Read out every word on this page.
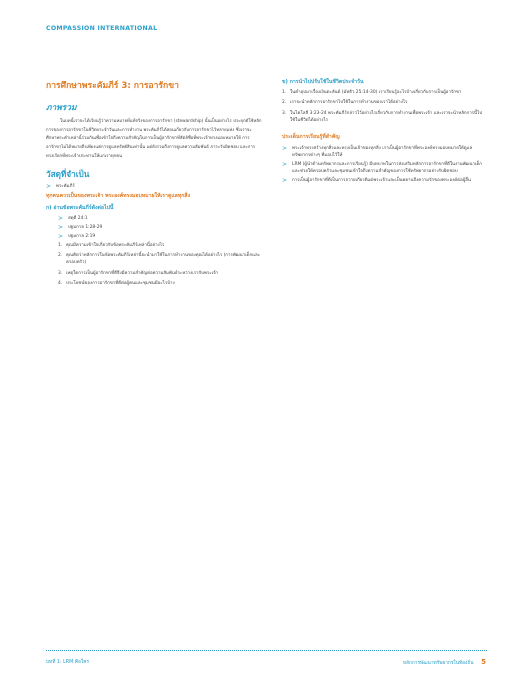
COMPASSION INTERNATIONAL
การศึกษาพระคัมภีร์ 3: การอารักขา
ภาพรวม

ในบทนี้เราจะได้เรียนรู้ว่าความหมายที่แท้จริงของการอารักขา (stewardship) นั้นเป็นอย่างไร ประยุกต์ใช้หลักการของการอารักขาในชีวิตประจำวันและการทำงาน พระคัมภีร์ได้สอนเกี่ยวกับการอารักขาไว้หลายแห่ง ซึ่งเราจะศึกษาพระคำเหล่านี้ร่วมกันเพื่อเข้าใจถึงความสำคัญในการเป็นผู้อารักขาที่สัตย์ซื่อที่พระเจ้าทรงมอบหมายให้ การอารักขาไม่ได้หมายถึงเพียงแค่การดูแลทรัพย์สินเท่านั้น แต่ยังรวมถึงการดูแลความสัมพันธ์ ภาระรับผิดชอบ และการทรงเรียกที่พระเจ้าประทานให้แก่เราทุกคน

วัสดุที่จำเป็น
>	พระคัมภีร์
ทุกคนควรเป็นของพระเจ้า พระองค์ทรงมอบหมายให้เราดูแลทุกสิ่ง
ก) อ่านข้อพระคัมภีร์ดังต่อไปนี้
>	สดุดี 24:1
>	ปฐมกาล 1:28-29
>	ปฐมกาล 2:19
1. คุณมีความเข้าใจเกี่ยวกับข้อพระคัมภีร์เหล่านี้อย่างไร
2. คุณคิดว่าหลักการในข้อพระคัมภีร์เหล่านี้จะนำมาใช้ในการทำงานของคุณได้อย่างไร (การพัฒนาเด็กและครอบครัว)
3. เหตุใดการเป็นผู้อารักขาที่ดีจึงมีความสำคัญต่อความสัมพันธ์ระหว่างเรากับพระเจ้า
4. ประโยชน์ของการอารักขาที่ดีต่อผู้คนและชุมชนมีอะไรบ้าง
ข) การนำไปปรับใช้ในชีวิตประจำวัน
1. ในคำอุปมาเรื่องเงินตะลันต์ (มัทธิว 25:14-30) เราเรียนรู้อะไรบ้างเกี่ยวกับการเป็นผู้อารักขา
2. เราจะนำหลักการอารักขาไปใช้ในการทำงานของเราได้อย่างไร
3. ในโคโลสี 3:23-24 พระคัมภีร์กล่าวไว้อย่างไรเกี่ยวกับการทำงานเพื่อพระเจ้า และเราจะนำหลักการนี้ไปใช้ในชีวิตได้อย่างไร
ประเด็นการเรียนรู้ที่สำคัญ
>	พระเจ้าทรงสร้างทุกสิ่งและทรงเป็นเจ้าของทุกสิ่ง เราเป็นผู้อารักขาที่พระองค์ทรงมอบหมายให้ดูแลทรัพยากรต่างๆ ที่มอบไว้ให้
>	LRM (ผู้นำด้านทรัพยากรและการเรียนรู้) มีบทบาทในการส่งเสริมหลักการอารักขาที่ดีในงานพัฒนาเด็ก และช่วยให้ครอบครัวและชุมชนเข้าใจถึงความสำคัญของการใช้ทรัพยากรอย่างรับผิดชอบ
>	การเป็นผู้อารักขาที่ดีเป็นการถวายเกียรติแด่พระเจ้าและเป็นพยานถึงความรักของพระองค์ต่อผู้อื่น
บทที่ 1: LRM คือใคร	หลักการพัฒนาทรัพยากรในท้องถิ่น 5
